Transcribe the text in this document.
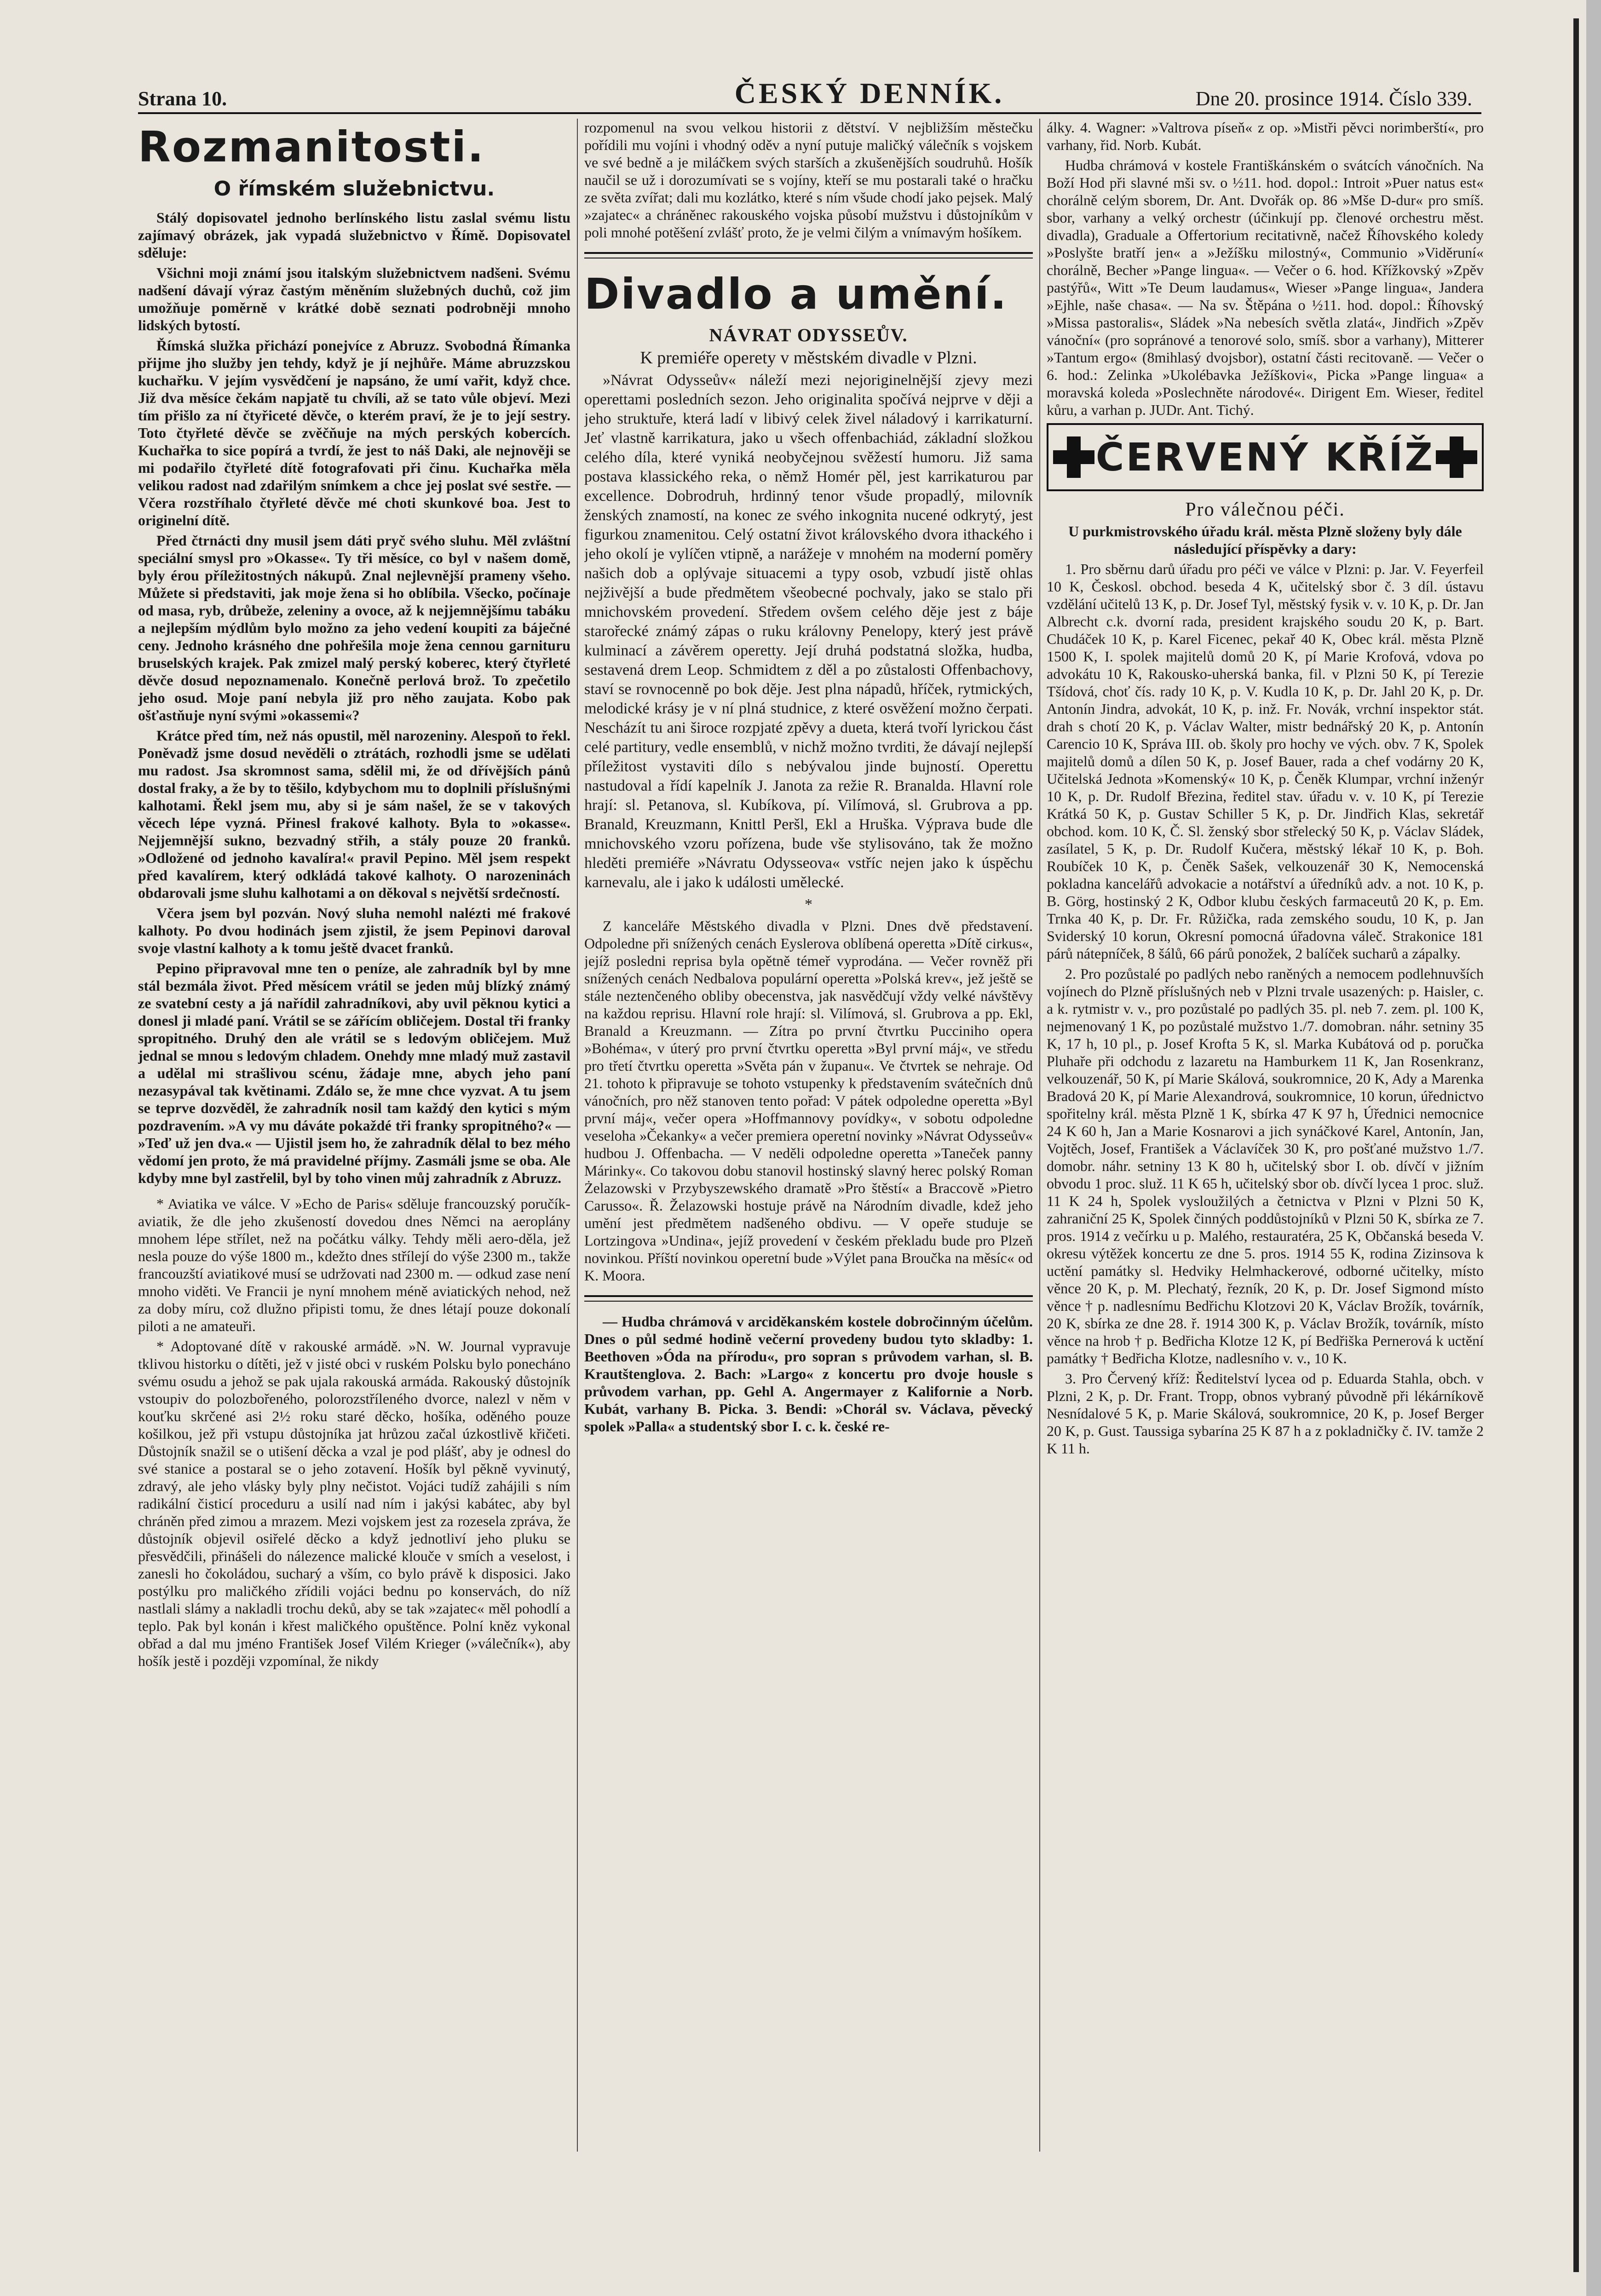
Strana 10.	ČESKÝ DENNÍK.	Dne 20. prosince 1914. Číslo 339.
Rozmanitosti.
O římském služebnictvu.

Stálý dopisovatel jednoho berlínského listu zaslal svému listu zajímavý obrázek, jak vypadá služebnictvo v Římě. Dopisovatel sděluje:

Všichni moji známí jsou italským služebnictvem nadšeni. Svému nadšení dávají výraz častým měněním služebných duchů, což jim umožňuje poměrně v krátké době seznati podrobněji mnoho lidských bytostí.

Římská služka přichází ponejvíce z Abruzz. Svobodná Římanka přijme jho služby jen tehdy, když je jí nejhůře. Máme abruzzskou kuchařku. V jejím vysvědčení je napsáno, že umí vařit, když chce. Již dva měsíce čekám napjatě tu chvíli, až se tato vůle objeví. Mezi tím přišlo za ní čtyřiceté děvče, o kterém praví, že je to její sestry. Toto čtyřleté děvče se zvěčňuje na mých perských kobercích. Kuchařka to sice popírá a tvrdí, že jest to náš Daki, ale nejnověji se mi podařilo čtyřleté dítě fotografovati při činu. Kuchařka měla velikou radost nad zdařilým snímkem a chce jej poslat své sestře. — Včera rozstříhalo čtyřleté děvče mé choti skunkové boa. Jest to originelní dítě.

Před čtrnácti dny musil jsem dáti pryč svého sluhu. Měl zvláštní speciální smysl pro »Okasse«. Ty tři měsíce, co byl v našem domě, byly érou příležitostných nákupů. Znal nejlevnější prameny všeho. Můžete si představiti, jak moje žena si ho oblíbila. Všecko, počínaje od masa, ryb, drůbeže, zeleniny a ovoce, až k nejjemnějšímu tabáku a nejlepším mýdlům bylo možno za jeho vedení koupiti za báječné ceny. Jednoho krásného dne pohřešila moje žena cennou garnituru bruselských krajek. Pak zmizel malý perský koberec, který čtyřleté děvče dosud nepoznamenalo. Konečně perlová brož. To zpečetilo jeho osud. Moje paní nebyla již pro něho zaujata. Kobo pak ošťastňuje nyní svými »okassemi«?

Krátce před tím, než nás opustil, měl narozeniny. Alespoň to řekl. Poněvadž jsme dosud nevěděli o ztrátách, rozhodli jsme se udělati mu radost. Jsa skromnost sama, sdělil mi, že od dřívějších pánů dostal fraky, a že by to těšilo, kdybychom mu to doplnili příslušnými kalhotami. Řekl jsem mu, aby si je sám našel, že se v takových věcech lépe vyzná. Přinesl frakové kalhoty. Byla to »okasse«. Nejjemnější sukno, bezvadný střih, a stály pouze 20 franků. »Odložené od jednoho kavalíra!« pravil Pepino. Měl jsem respekt před kavalírem, který odkládá takové kalhoty. O narozeninách obdarovali jsme sluhu kalhotami a on děkoval s největší srdečností.

Včera jsem byl pozván. Nový sluha nemohl nalézti mé frakové kalhoty. Po dvou hodinách jsem zjistil, že jsem Pepinovi daroval svoje vlastní kalhoty a k tomu ještě dvacet franků.

Pepino připravoval mne ten o peníze, ale zahradník byl by mne stál bezmála život. Před měsícem vrátil se jeden můj blízký známý ze svatební cesty a já nařídil zahradníkovi, aby uvil pěknou kytici a donesl ji mladé paní. Vrátil se se zářícím obličejem. Dostal tři franky spropitného. Druhý den ale vrátil se s ledovým obličejem. Muž jednal se mnou s ledovým chladem. Onehdy mne mladý muž zastavil a udělal mi strašlivou scénu, žádaje mne, abych jeho paní nezasypával tak květinami. Zdálo se, že mne chce vyzvat. A tu jsem se teprve dozvěděl, že zahradník nosil tam každý den kytici s mým pozdravením. »A vy mu dáváte pokaždé tři franky spropitného?« — »Teď už jen dva.« — Ujistil jsem ho, že zahradník dělal to bez mého vědomí jen proto, že má pravidelné příjmy. Zasmáli jsme se oba. Ale kdyby mne byl zastřelil, byl by toho vinen můj zahradník z Abruzz.

* Aviatika ve válce. V »Echo de Paris« sděluje francouzský poručík-aviatik, že dle jeho zkušeností dovedou dnes Němci na aeroplány mnohem lépe střílet, než na počátku války. Tehdy měli aero-děla, jež nesla pouze do výše 1800 m., kdežto dnes střílejí do výše 2300 m., takže francouzští aviatikové musí se udržovati nad 2300 m. — odkud zase není mnoho viděti. Ve Francii je nyní mnohem méně aviatických nehod, než za doby míru, což dlužno připisti tomu, že dnes létají pouze dokonalí piloti a ne amateuři.

* Adoptované dítě v rakouské armádě. »N. W. Journal vypravuje tklivou historku o dítěti, jež v jisté obci v ruském Polsku bylo ponecháno svému osudu a jehož se pak ujala rakouská armáda. Rakouský důstojník vstoupiv do polozbořeného, polorozstříleného dvorce, nalezl v něm v kouťku skrčené asi 2½ roku staré děcko, hošíka, oděného pouze košilkou, jež při vstupu důstojníka jat hrůzou začal úzkostlivě křičeti. Důstojník snažil se o utišení děcka a vzal je pod plášť, aby je odnesl do své stanice a postaral se o jeho zotavení. Hošík byl pěkně vyvinutý, zdravý, ale jeho vlásky byly plny nečistot. Vojáci tudíž zahájili s ním radikální čisticí proceduru a usilí nad ním i jakýsi kabátec, aby byl chráněn před zimou a mrazem. Mezi vojskem jest za rozesela zpráva, že důstojník objevil osiřelé děcko a když jednotliví jeho pluku se přesvědčili, přinášeli do nálezence malické klouče v smích a veselost, i zanesli ho čokoládou, sucharý a vším, co bylo právě k disposici. Jako postýlku pro maličkého zřídili vojáci bednu po konservách, do níž nastlali slámy a nakladli trochu deků, aby se tak »zajatec« měl pohodlí a teplo. Pak byl konán i křest maličkého opuštěnce. Polní kněz vykonal obřad a dal mu jméno František Josef Vilém Krieger (»válečník«), aby hošík jestě i později vzpomínal, že nikdy

rozpomenul na svou velkou historii z dětství. V nejbližším městečku pořídili mu vojíni i vhodný oděv a nyní putuje maličký válečník s vojskem ve své bedně a je miláčkem svých starších a zkušenějších soudruhů. Hošík naučil se už i dorozumívati se s vojíny, kteří se mu postarali také o hračku ze světa zvířat; dali mu kozlátko, které s ním všude chodí jako pejsek. Malý »zajatec« a chráněnec rakouského vojska působí mužstvu i důstojníkům v poli mnohé potěšení zvlášť proto, že je velmi čilým a vnímavým hošíkem.

Divadlo a umění.
NÁVRAT ODYSSEŮV.

K premiéře operety v městském divadle v Plzni.

»Návrat Odysseův« náleží mezi nejoriginelnější zjevy mezi operettami posledních sezon. Jeho originalita spočívá nejprve v ději a jeho struktuře, která ladí v libivý celek živel náladový i karrikaturní. Jeť vlastně karrikatura, jako u všech offenbachiád, základní složkou celého díla, které vyniká neobyčejnou svěžestí humoru. Již sama postava klassického reka, o němž Homér pěl, jest karrikaturou par excellence. Dobrodruh, hrdinný tenor všude propadlý, milovník ženských znamostí, na konec ze svého inkognita nucené odkrytý, jest figurkou znamenitou. Celý ostatní život královského dvora ithackého i jeho okolí je vylíčen vtipně, a narážeje v mnohém na moderní poměry našich dob a oplývaje situacemi a typy osob, vzbudí jistě ohlas nejživější a bude předmětem všeobecné pochvaly, jako se stalo při mnichovském provedení. Středem ovšem celého děje jest z báje starořecké známý zápas o ruku královny Penelopy, který jest právě kulminací a závěrem operetty. Její druhá podstatná složka, hudba, sestavená drem Leop. Schmidtem z děl a po zůstalosti Offenbachovy, staví se rovnocenně po bok děje. Jest plna nápadů, hříček, rytmických, melodické krásy je v ní plná studnice, z které osvěžení možno čerpati. Nescházít tu ani široce rozpjaté zpěvy a dueta, která tvoří lyrickou část celé partitury, vedle ensemblů, v nichž možno tvrditi, že dávají nejlepší příležitost vystaviti dílo s nebývalou jinde bujností. Operettu nastudoval a řídí kapelník J. Janota za režie R. Branalda. Hlavní role hrají: sl. Petanova, sl. Kubíkova, pí. Vilímová, sl. Grubrova a pp. Branald, Kreuzmann, Knittl Peršl, Ekl a Hruška. Výprava bude dle mnichovského vzoru pořízena, bude vše stylisováno, tak že možno hleděti premiéře »Návratu Odysseova« vstříc nejen jako k úspěchu karnevalu, ale i jako k události umělecké.

*

Z kanceláře Městského divadla v Plzni. Dnes dvě představení. Odpoledne při snížených cenách Eyslerova oblíbená operetta »Dítě cirkus«, jejíž posledni reprisa byla opětně témeř vyprodána. — Večer rovněž při snížených cenách Nedbalova populární operetta »Polská krev«, jež ještě se stále neztenčeného obliby obecenstva, jak nasvědčují vždy velké návštěvy na každou reprisu. Hlavní role hrají: sl. Vilímová, sl. Grubrova a pp. Ekl, Branald a Kreuzmann. — Zítra po první čtvrtku Pucciniho opera »Bohéma«, v úterý pro první čtvrtku operetta »Byl první máj«, ve středu pro třetí čtvrtku operetta »Světa pán v županu«. Ve čtvrtek se nehraje. Od 21. tohoto k připravuje se tohoto vstupenky k představením svátečních dnů vánočních, pro něž stanoven tento pořad: V pátek odpoledne operetta »Byl první máj«, večer opera »Hoffmannovy povídky«, v sobotu odpoledne veseloha »Čekanky« a večer premiera operetní novinky »Návrat Odysseův« hudbou J. Offenbacha. — V neděli odpoledne operetta »Taneček panny Márinky«. Co takovou dobu stanovil hostinský slavný herec polský Roman Żelazowski v Przybyszewského dramatě »Pro štěstí« a Braccově »Pietro Carusso«. Ř. Želazowski hostuje právě na Národním divadle, kdež jeho umění jest předmětem nadšeného obdivu. — V opeře studuje se Lortzingova »Undina«, jejíž provedení v českém překladu bude pro Plzeň novinkou. Příští novinkou operetní bude »Výlet pana Broučka na měsíc« od K. Moora.

— Hudba chrámová v arciděkanském kostele dobročinným účelům. Dnes o půl sedmé hodině večerní provedeny budou tyto skladby: 1. Beethoven »Óda na přírodu«, pro sopran s průvodem varhan, sl. B. Krautštenglova. 2. Bach: »Largo« z koncertu pro dvoje housle s průvodem varhan, pp. Gehl A. Angermayer z Kalifornie a Norb. Kubát, varhany B. Picka. 3. Bendi: »Chorál sv. Václava, pěvecký spolek »Palla« a studentský sbor I. c. k. české re-

álky. 4. Wagner: »Valtrova píseň« z op. »Mistři pěvci norimberští«, pro varhany, řid. Norb. Kubát.

Hudba chrámová v kostele Františkánském o svátcích vánočních. Na Boží Hod při slavné mši sv. o ½11. hod. dopol.: Introit »Puer natus est« chorálně celým sborem, Dr. Ant. Dvořák op. 86 »Mše D-dur« pro smíš. sbor, varhany a velký orchestr (účinkují pp. členové orchestru měst. divadla), Graduale a Offertorium recitativně, načež Říhovského koledy »Poslyšte bratří jen« a »Ježíšku milostný«, Communio »Viděruní« chorálně, Becher »Pange lingua«. — Večer o 6. hod. Křížkovský »Zpěv pastýřů«, Witt »Te Deum laudamus«, Wieser »Pange lingua«, Jandera »Ejhle, naše chasa«. — Na sv. Štěpána o ½11. hod. dopol.: Říhovský »Missa pastoralis«, Sládek »Na nebesích světla zlatá«, Jindřich »Zpěv vánoční« (pro sopránové a tenorové solo, smíš. sbor a varhany), Mitterer »Tantum ergo« (8mihlasý dvojsbor), ostatní části recitovaně. — Večer o 6. hod.: Zelinka »Ukolébavka Ježíškovi«, Picka »Pange lingua« a moravská koleda »Poslechněte národové«. Dirigent Em. Wieser, ředitel kůru, a varhan p. JUDr. Ant. Tichý.

ČERVENÝ KŘÍŽ
Pro válečnou péči.

U purkmistrovského úřadu král. města Plzně složeny byly dále následující příspěvky a dary:

1. Pro sběrnu darů úřadu pro péči ve válce v Plzni: p. Jar. V. Feyerfeil 10 K, Českosl. obchod. beseda 4 K, učitelský sbor č. 3 díl. ústavu vzdělání učitelů 13 K, p. Dr. Josef Tyl, městský fysik v. v. 10 K, p. Dr. Jan Albrecht c.k. dvorní rada, president krajského soudu 20 K, p. Bart. Chudáček 10 K, p. Karel Ficenec, pekař 40 K, Obec král. města Plzně 1500 K, I. spolek majitelů domů 20 K, pí Marie Krofová, vdova po advokátu 10 K, Rakousko-uherská banka, fil. v Plzni 50 K, pí Terezie Tšídová, choť čís. rady 10 K, p. V. Kudla 10 K, p. Dr. Jahl 20 K, p. Dr. Antonín Jindra, advokát, 10 K, p. inž. Fr. Novák, vrchní inspektor stát. drah s chotí 20 K, p. Václav Walter, mistr bednářský 20 K, p. Antonín Carencio 10 K, Správa III. ob. školy pro hochy ve vých. obv. 7 K, Spolek majitelů domů a dílen 50 K, p. Josef Bauer, rada a chef vodárny 20 K, Učitelská Jednota »Komenský« 10 K, p. Čeněk Klumpar, vrchní inženýr 10 K, p. Dr. Rudolf Březina, ředitel stav. úřadu v. v. 10 K, pí Terezie Krátká 50 K, p. Gustav Schiller 5 K, p. Dr. Jindřich Klas, sekretář obchod. kom. 10 K, Č. Sl. ženský sbor střelecký 50 K, p. Václav Sládek, zasílatel, 5 K, p. Dr. Rudolf Kučera, městský lékař 10 K, p. Boh. Roubíček 10 K, p. Čeněk Sašek, velkouzenář 30 K, Nemocenská pokladna kancelářů advokacie a notářství a úředníků adv. a not. 10 K, p. B. Görg, hostinský 2 K, Odbor klubu českých farmaceutů 20 K, p. Em. Trnka 40 K, p. Dr. Fr. Růžička, rada zemského soudu, 10 K, p. Jan Sviderský 10 korun, Okresní pomocná úřadovna váleč. Strakonice 181 párů nátepníček, 8 šálů, 66 párů ponožek, 2 balíček sucharů a zápalky.

2. Pro pozůstalé po padlých nebo raněných a nemocem podlehnuvších vojínech do Plzně příslušných neb v Plzni trvale usazených: p. Haisler, c. a k. rytmistr v. v., pro pozůstalé po padlých 35. pl. neb 7. zem. pl. 100 K, nejmenovaný 1 K, po pozůstalé mužstvo 1./7. domobran. náhr. setniny 35 K, 17 h, 10 pl., p. Josef Krofta 5 K, sl. Marka Kubátová od p. poručka Pluhaře při odchodu z lazaretu na Hamburkem 11 K, Jan Rosenkranz, velkouzenář, 50 K, pí Marie Skálová, soukromnice, 20 K, Ady a Marenka Bradová 20 K, pí Marie Alexandrová, soukromnice, 10 korun, úřednictvo spořitelny král. města Plzně 1 K, sbírka 47 K 97 h, Úřednici nemocnice 24 K 60 h, Jan a Marie Kosnarovi a jich synáčkové Karel, Antonín, Jan, Vojtěch, Josef, František a Václavíček 30 K, pro pošťané mužstvo 1./7. domobr. náhr. setniny 13 K 80 h, učitelský sbor I. ob. dívčí v jižním obvodu 1 proc. služ. 11 K 65 h, učitelský sbor ob. dívčí lycea 1 proc. služ. 11 K 24 h, Spolek vysloužilých a četnictva v Plzni v Plzni 50 K, zahraniční 25 K, Spolek činných poddůstojníků v Plzni 50 K, sbírka ze 7. pros. 1914 z večírku u p. Malého, restauratéra, 25 K, Občanská beseda V. okresu výtěžek koncertu ze dne 5. pros. 1914 55 K, rodina Zizinsova k uctění památky sl. Hedviky Helmhackerové, odborné učitelky, místo věnce 20 K, p. M. Plechatý, řezník, 20 K, p. Dr. Josef Sigmond místo věnce † p. nadlesnímu Bedřichu Klotzovi 20 K, Václav Brožík, továrník, 20 K, sbírka ze dne 28. ř. 1914 300 K, p. Václav Brožík, továrník, místo věnce na hrob † p. Bedřicha Klotze 12 K, pí Bedřiška Pernerová k uctění památky † Bedřicha Klotze, nadlesního v. v., 10 K.

3. Pro Červený kříž: Ředitelství lycea od p. Eduarda Stahla, obch. v Plzni, 2 K, p. Dr. Frant. Tropp, obnos vybraný původně při lékárníkově Nesnídalové 5 K, p. Marie Skálová, soukromnice, 20 K, p. Josef Berger 20 K, p. Gust. Taussiga sybarína 25 K 87 h a z pokladničky č. IV. tamže 2 K 11 h.
